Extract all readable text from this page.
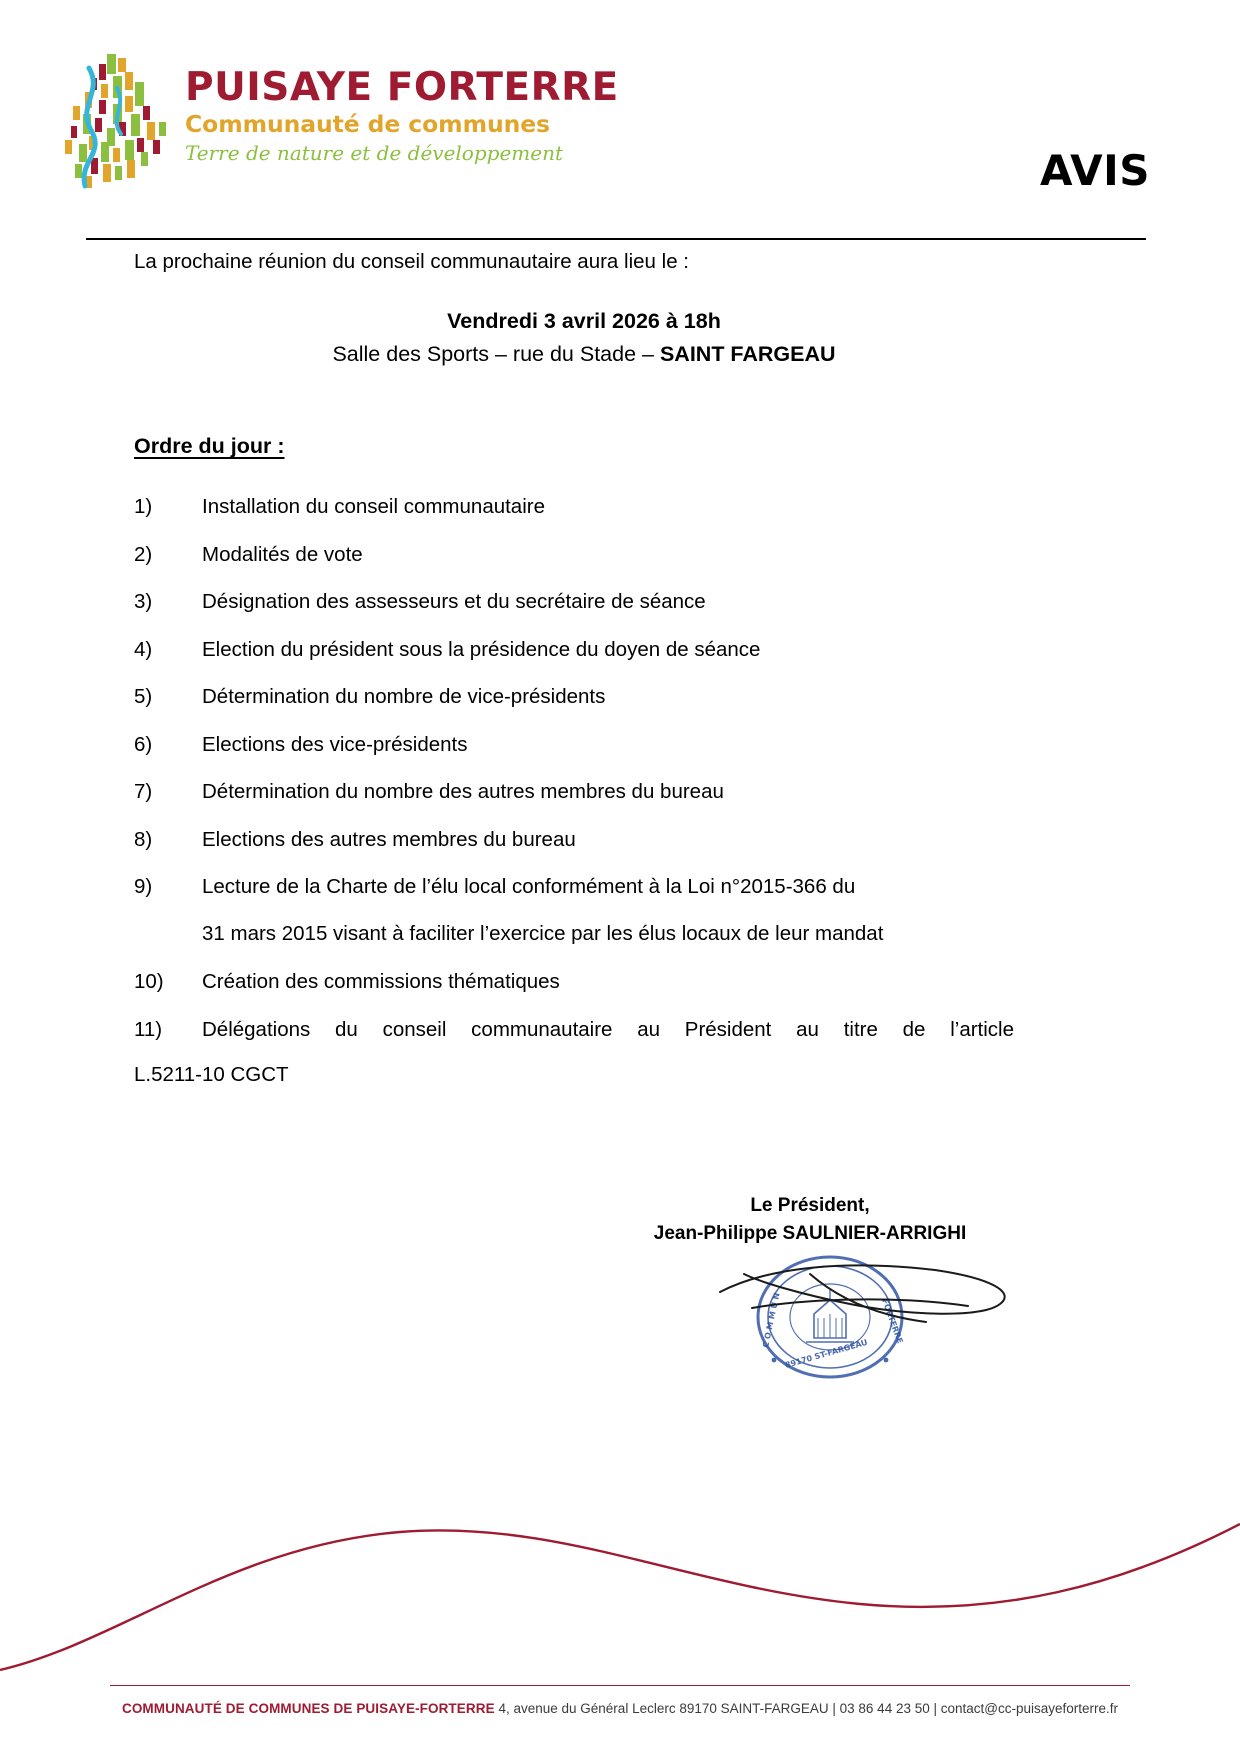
PUISAYE FORTERRE
Communauté de communes
Terre de nature et de développement	AVIS
La prochaine réunion du conseil communautaire aura lieu le :
Vendredi 3 avril 2026 à 18h
Salle des Sports – rue du Stade – SAINT FARGEAU
Ordre du jour :
1)	Installation du conseil communautaire
2)	Modalités de vote
3)	Désignation des assesseurs et du secrétaire de séance
4)	Election du président sous la présidence du doyen de séance
5)	Détermination du nombre de vice-présidents
6)	Elections des vice-présidents
7)	Détermination du nombre des autres membres du bureau
8)	Elections des autres membres du bureau
9)	Lecture de la Charte de l’élu local conformément à la Loi n°2015-366 du
31 mars 2015 visant à faciliter l’exercice par les élus locaux de leur mandat
10)	Création des commissions thématiques
11)	Délégations du conseil communautaire au Président au titre de l’article
L.5211-10 CGCT
Le Président,
Jean-Philippe SAULNIER-ARRIGHI
89170 ST-FARGEAU
C O M M U N	FORTERRE
COMMUNAUTÉ DE COMMUNES DE PUISAYE-FORTERRE 4, avenue du Général Leclerc 89170 SAINT-FARGEAU | 03 86 44 23 50 | contact@cc-puisayeforterre.fr
